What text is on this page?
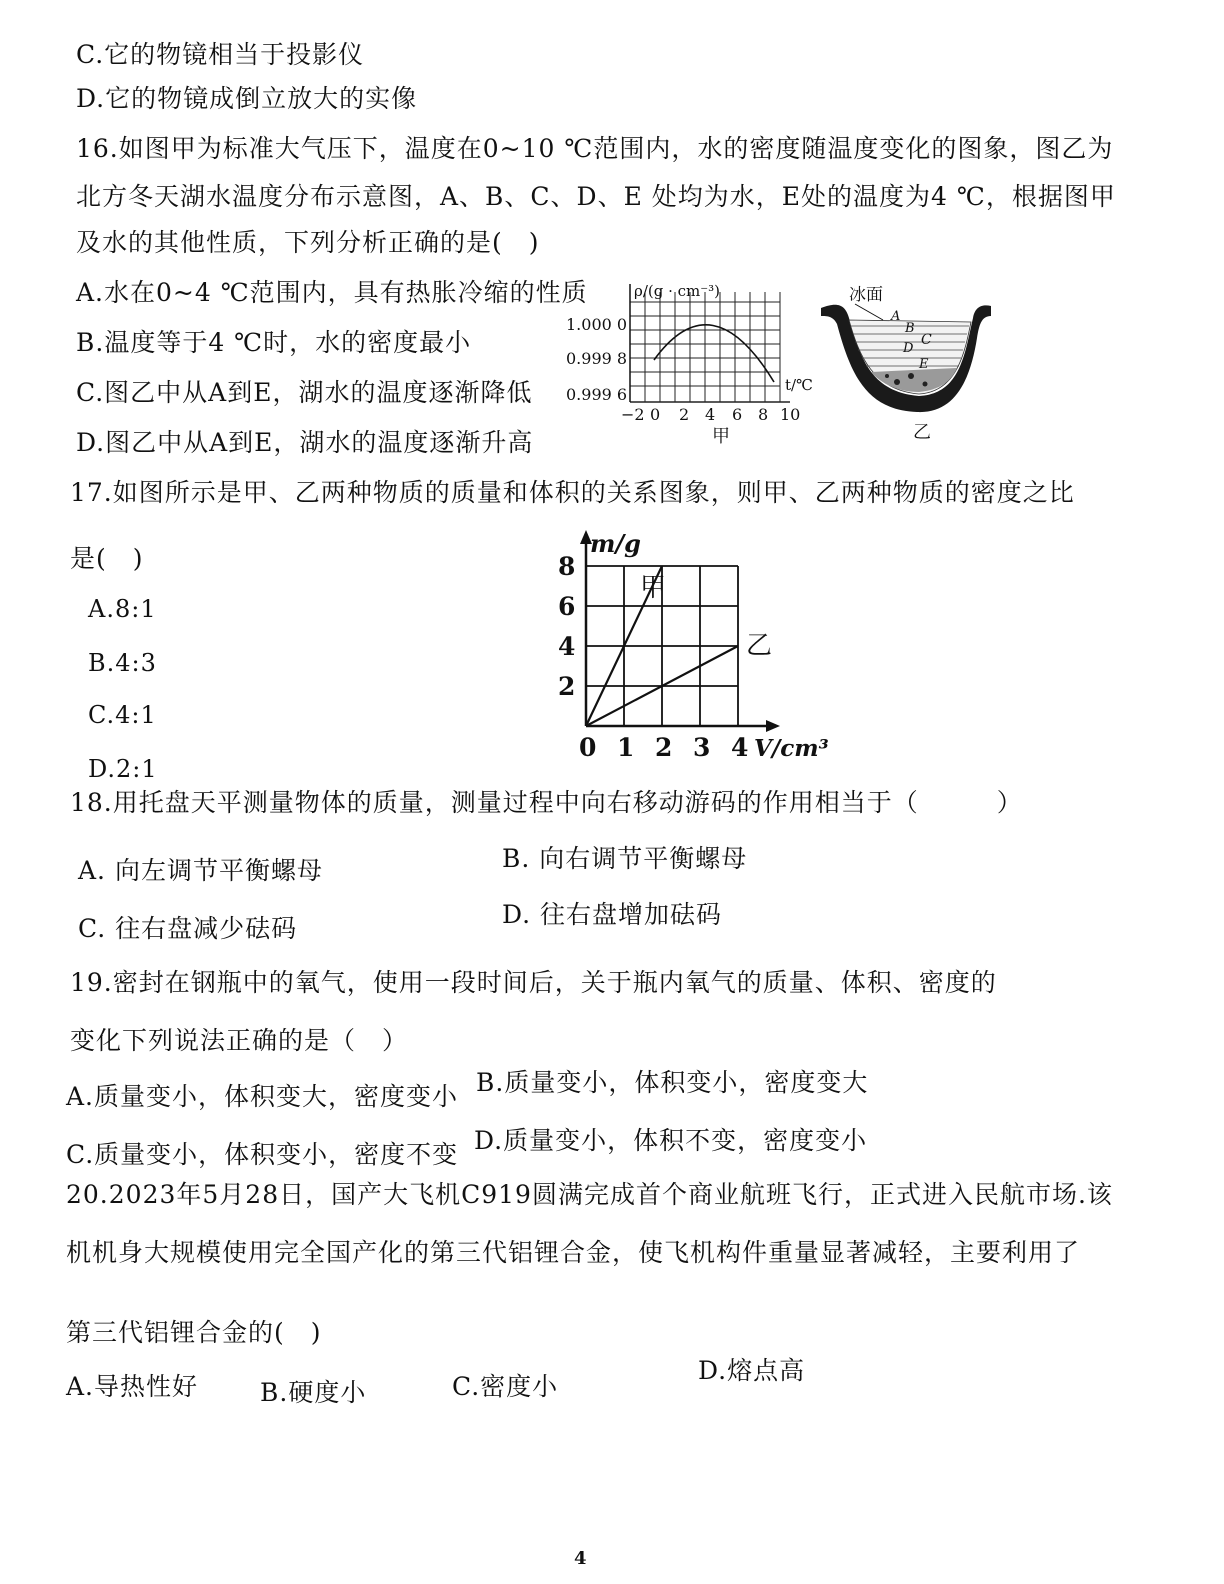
C.它的物镜相当于投影仪
D.它的物镜成倒立放大的实像
16.如图甲为标准大气压下，温度在0~10 ℃范围内，水的密度随温度变化的图象，图乙为
北方冬天湖水温度分布示意图，A、B、C、D、E 处均为水，E处的温度为4 ℃，根据图甲
及水的其他性质，下列分析正确的是(　)
A.水在0~4 ℃范围内，具有热胀冷缩的性质
B.温度等于4 ℃时，水的密度最小
C.图乙中从A到E，湖水的温度逐渐降低
D.图乙中从A到E，湖水的温度逐渐升高
ρ/(g · cm⁻³)
t/℃
1.000 0
0.999 8
0.999 6
−2 0 2 4 6 8 10
甲
冰面
A
B
C
D
E
乙
17.如图所示是甲、乙两种物质的质量和体积的关系图象，则甲、乙两种物质的密度之比
是(　)
A.8:1
B.4:3
C.4:1
D.2:1
甲
乙
0 1 2 3 4
2
4
6
8
m/g
V/cm³
18.用托盘天平测量物体的质量，测量过程中向右移动游码的作用相当于（　　　）
A. 向左调节平衡螺母	B. 向右调节平衡螺母
C. 往右盘减少砝码	D. 往右盘增加砝码
19.密封在钢瓶中的氧气，使用一段时间后，关于瓶内氧气的质量、体积、密度的
变化下列说法正确的是（　）
A.质量变小，体积变大，密度变小 B.质量变小，体积变小，密度变大
C.质量变小，体积变小，密度不变 D.质量变小，体积不变，密度变小
20.2023年5月28日，国产大飞机C919圆满完成首个商业航班飞行，正式进入民航市场.该
机机身大规模使用完全国产化的第三代铝锂合金，使飞机构件重量显著减轻，主要利用了
第三代铝锂合金的(　)
A.导热性好 B.硬度小	C.密度小
D.熔点高
4
